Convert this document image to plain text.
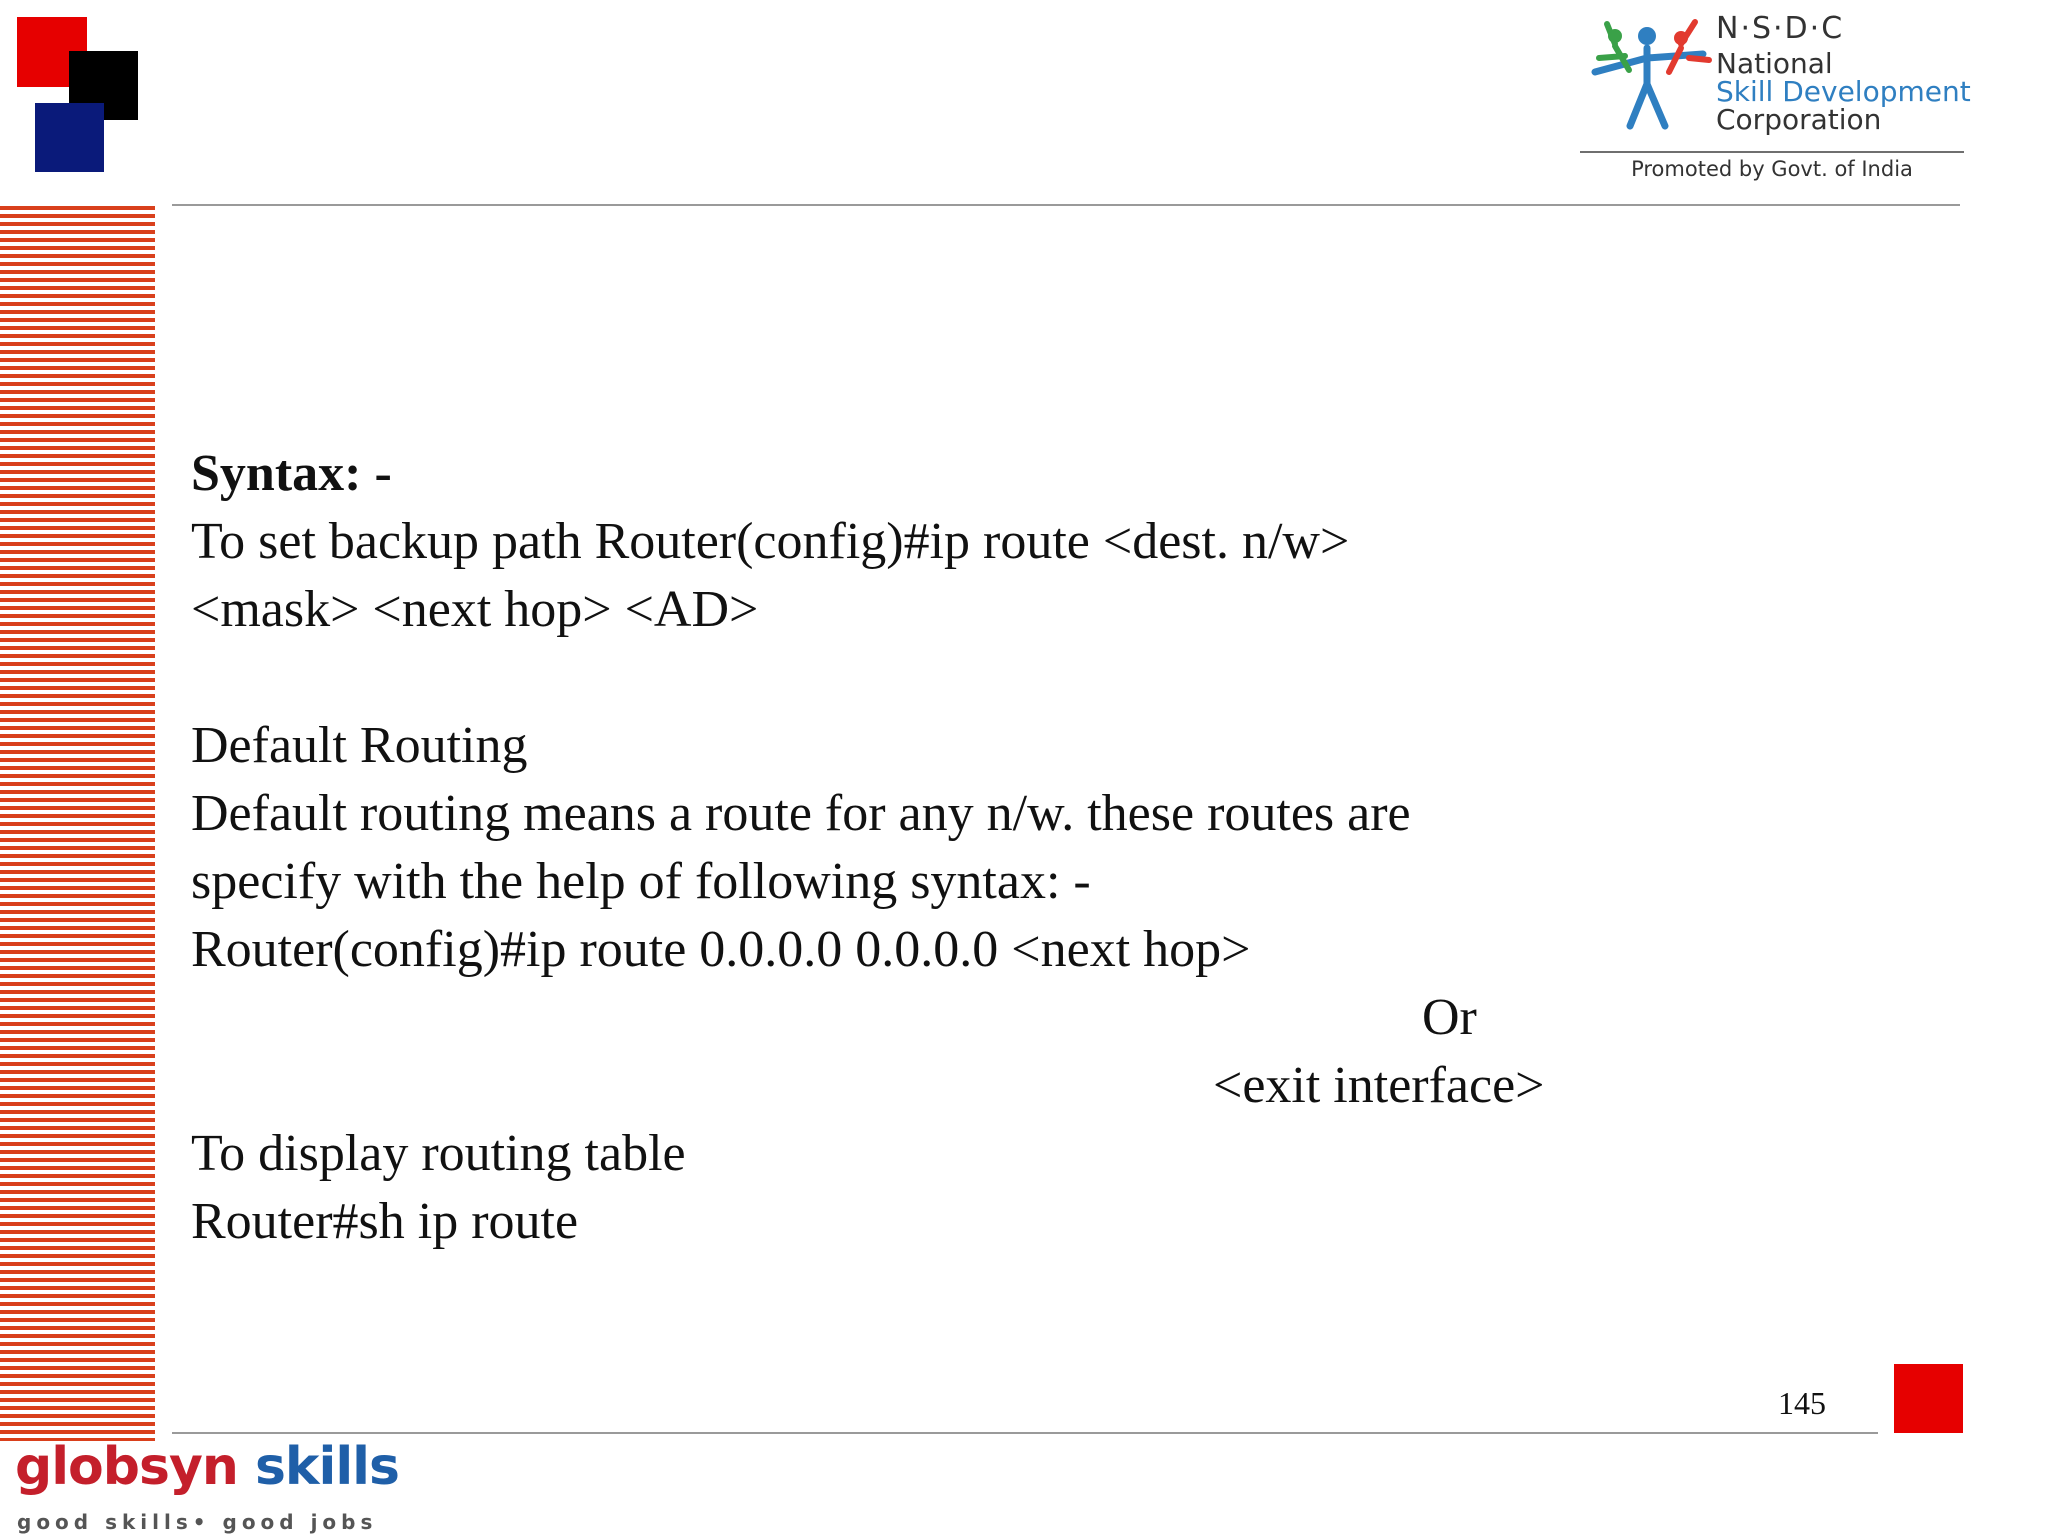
N·S·D·C
National
Skill Development
Corporation
Promoted by Govt. of India
Syntax: -
To set backup path Router(config)#ip route <dest. n/w>
<mask> <next hop> <AD>
Default Routing
Default routing means a route for any n/w. these routes are
specify with the help of following syntax: -
Router(config)#ip route 0.0.0.0 0.0.0.0 <next hop>
Or
<exit interface>
To display routing table
Router#sh ip route
145
globsyn skills
good skills• good jobs
